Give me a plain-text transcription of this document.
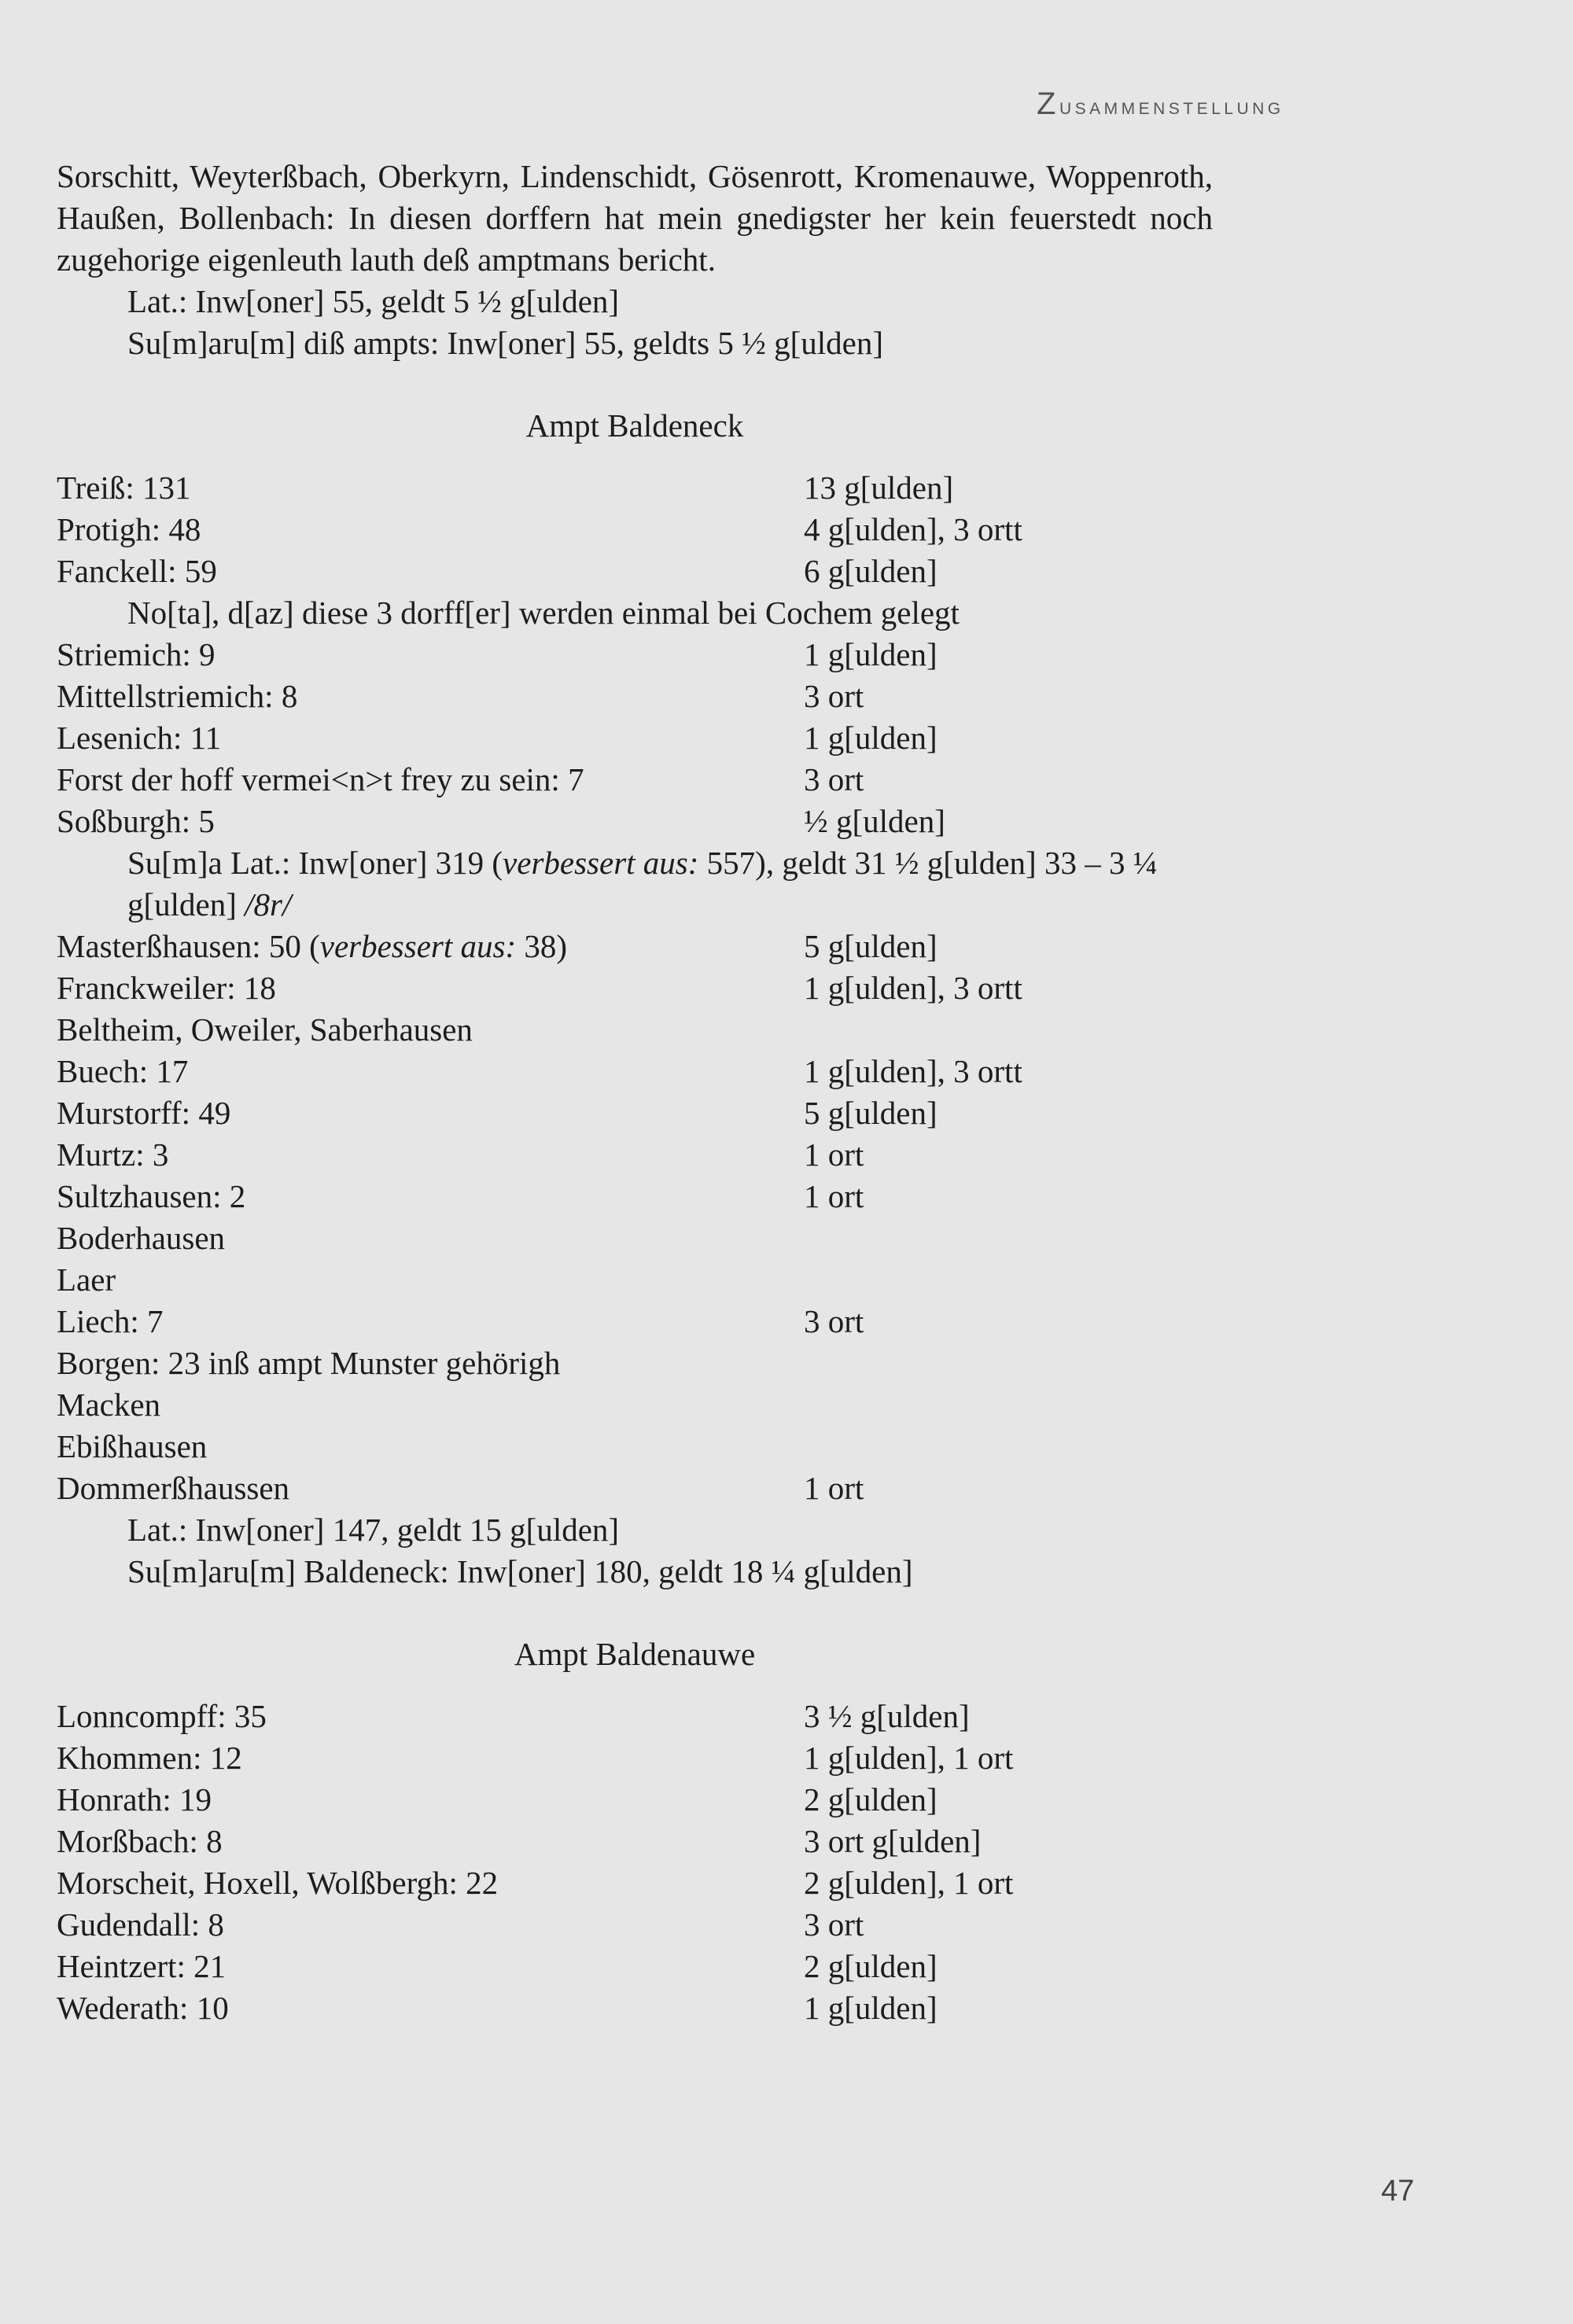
Zusammenstellung

Sorschitt, Weyterßbach, Oberkyrn, Lindenschidt, Gösenrott, Kromenauwe, Woppenroth, Haußen, Bollenbach: In diesen dorffern hat mein gnedigster her kein feuerstedt noch zugehorige eigenleuth lauth deß amptmans bericht.

Lat.: Inw[oner] 55, geldt 5 ½ g[ulden]
Su[m]aru[m] diß ampts: Inw[oner] 55, geldts 5 ½ g[ulden]
Ampt Baldeneck
Treiß: 131	13 g[ulden]
Protigh: 48	4 g[ulden], 3 ortt
Fanckell: 59	6 g[ulden]
No[ta], d[az] diese 3 dorff[er] werden einmal bei Cochem gelegt
Striemich: 9	1 g[ulden]
Mittellstriemich: 8	3 ort
Lesenich: 11	1 g[ulden]
Forst der hoff vermei<n>t frey zu sein: 7	3 ort
Soßburgh: 5	½ g[ulden]
Su[m]a Lat.: Inw[oner] 319 (verbessert aus: 557), geldt 31 ½ g[ulden] 33 – 3 ¼ g[ulden] /8r/
Masterßhausen: 50 (verbessert aus: 38)	5 g[ulden]
Franckweiler: 18	1 g[ulden], 3 ortt
Beltheim, Oweiler, Saberhausen
Buech: 17	1 g[ulden], 3 ortt
Murstorff: 49	5 g[ulden]
Murtz: 3	1 ort
Sultzhausen: 2	1 ort
Boderhausen
Laer
Liech: 7	3 ort
Borgen: 23 inß ampt Munster gehörigh
Macken
Ebißhausen
Dommerßhaussen	1 ort
Lat.: Inw[oner] 147, geldt 15 g[ulden]
Su[m]aru[m] Baldeneck: Inw[oner] 180, geldt 18 ¼ g[ulden]
Ampt Baldenauwe
Lonncompff: 35	3 ½ g[ulden]
Khommen: 12	1 g[ulden], 1 ort
Honrath: 19	2 g[ulden]
Morßbach: 8	3 ort g[ulden]
Morscheit, Hoxell, Wolßbergh: 22	2 g[ulden], 1 ort
Gudendall: 8	3 ort
Heintzert: 21	2 g[ulden]
Wederath: 10	1 g[ulden]
47
